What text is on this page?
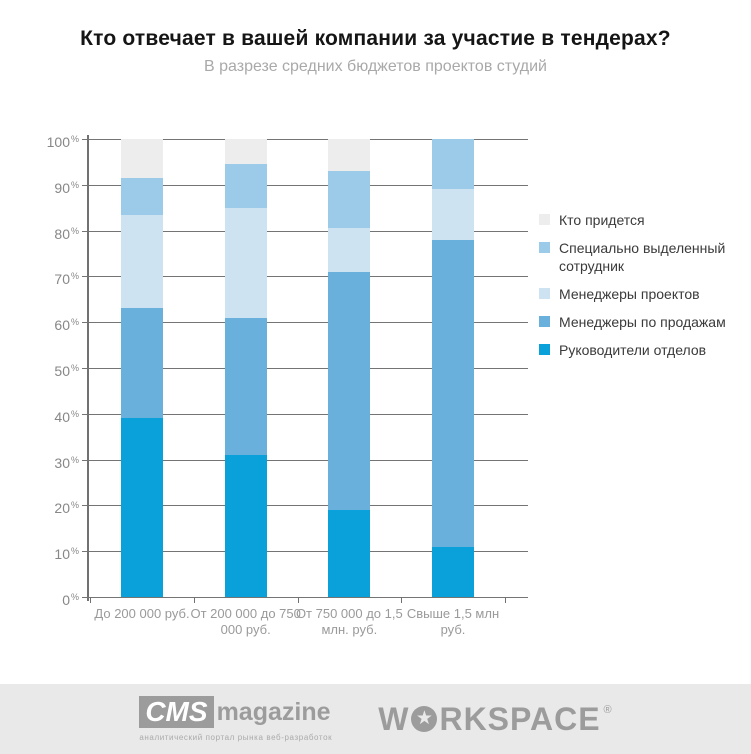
Кто отвечает в вашей компании за участие в тендерах?
В разрезе средних бюджетов проектов студий
0%
10%
20%
30%
40%
50%
60%
70%
80%
90%
100%
До 200 000 руб. От 200 000 до 750 000 руб.
От 750 000 до 1,5 млн. руб.
Свыше 1,5 млн руб.
Кто придется
Специально выделенный сотрудник
Менеджеры проектов
Менеджеры по продажам
Руководители отделов
CMS magazine
аналитический портал рынка веб-разработок
W ★ RKSPACE ®
